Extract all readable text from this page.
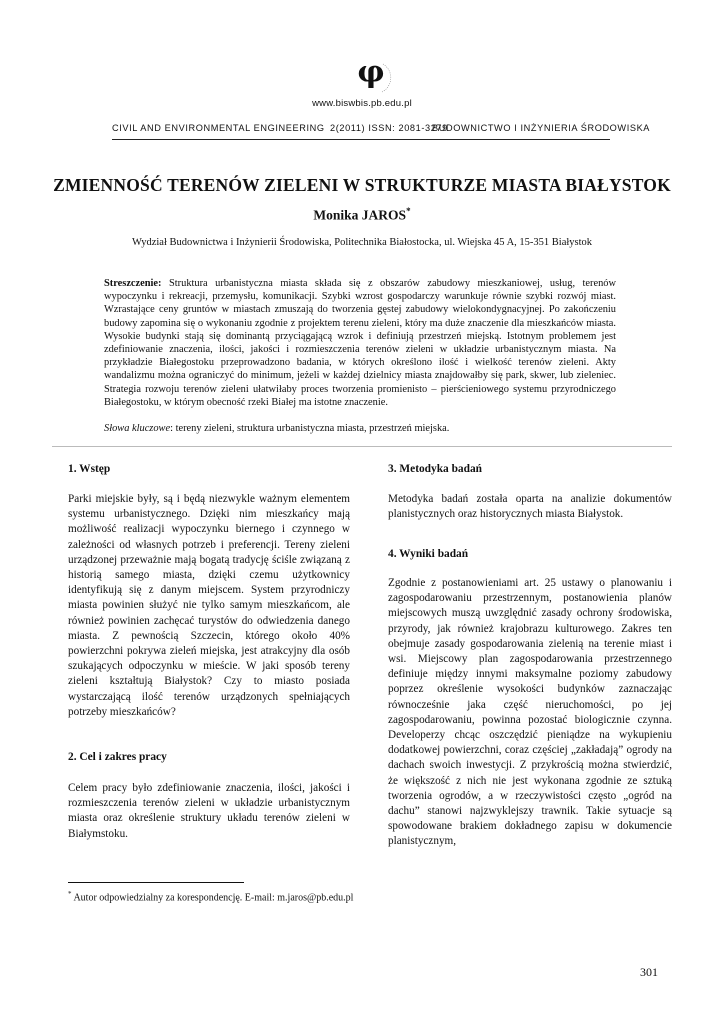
φ
www.biswbis.pb.edu.pl
CIVIL AND ENVIRONMENTAL ENGINEERING 2(2011) ISSN: 2081-3279
BUDOWNICTWO I INŻYNIERIA ŚRODOWISKA
ZMIENNOŚĆ TERENÓW ZIELENI W STRUKTURZE MIASTA BIAŁYSTOK
Monika JAROS*
Wydział Budownictwa i Inżynierii Środowiska, Politechnika Białostocka, ul. Wiejska 45 A, 15-351 Białystok
Streszczenie: Struktura urbanistyczna miasta składa się z obszarów zabudowy mieszkaniowej, usług, terenów wypoczynku i rekreacji, przemysłu, komunikacji. Szybki wzrost gospodarczy warunkuje równie szybki rozwój miast. Wzrastające ceny gruntów w miastach zmuszają do tworzenia gęstej zabudowy wielokondygnacyjnej. Po zakończeniu budowy zapomina się o wykonaniu zgodnie z projektem terenu zieleni, który ma duże znaczenie dla mieszkańców miasta. Wysokie budynki stają się dominantą przyciągającą wzrok i definiują przestrzeń miejską. Istotnym problemem jest zdefiniowanie znaczenia, ilości, jakości i rozmieszczenia terenów zieleni w układzie urbanistycznym miasta. Na przykładzie Białegostoku przeprowadzono badania, w których określono ilość i wielkość terenów zieleni. Akty wandalizmu można ograniczyć do minimum, jeżeli w każdej dzielnicy miasta znajdowałby się park, skwer, lub zieleniec. Strategia rozwoju terenów zieleni ułatwiłaby proces tworzenia promienisto – pierścieniowego systemu przyrodniczego Białegostoku, w którym obecność rzeki Białej ma istotne znaczenie.
Słowa kluczowe: tereny zieleni, struktura urbanistyczna miasta, przestrzeń miejska.
1. Wstęp
Parki miejskie były, są i będą niezwykle ważnym elementem systemu urbanistycznego. Dzięki nim mieszkańcy mają możliwość realizacji wypoczynku biernego i czynnego w zależności od własnych potrzeb i preferencji. Tereny zieleni urządzonej przeważnie mają bogatą tradycję ściśle związaną z historią samego miasta, dzięki czemu użytkownicy identyfikują się z danym miejscem. System przyrodniczy miasta powinien służyć nie tylko samym mieszkańcom, ale również powinien zachęcać turystów do odwiedzenia danego miasta. Z pewnością Szczecin, którego około 40% powierzchni pokrywa zieleń miejska, jest atrakcyjny dla osób szukających odpoczynku w mieście. W jaki sposób tereny zieleni kształtują Białystok? Czy to miasto posiada wystarczającą ilość terenów urządzonych spełniających potrzeby mieszkańców?
2. Cel i zakres pracy
Celem pracy było zdefiniowanie znaczenia, ilości, jakości i rozmieszczenia terenów zieleni w układzie urbanistycznym miasta oraz określenie struktury układu terenów zieleni w Białymstoku.
3. Metodyka badań
Metodyka badań została oparta na analizie dokumentów planistycznych oraz historycznych miasta Białystok.
4. Wyniki badań
Zgodnie z postanowieniami art. 25 ustawy o planowaniu i zagospodarowaniu przestrzennym, postanowienia planów miejscowych muszą uwzględnić zasady ochrony środowiska, przyrody, jak również krajobrazu kulturowego. Zakres ten obejmuje zasady gospodarowania zielenią na terenie miast i wsi. Miejscowy plan zagospodarowania przestrzennego definiuje między innymi maksymalne poziomy zabudowy poprzez określenie wysokości budynków zaznaczając równocześnie jaka część nieruchomości, po jej zagospodarowaniu, powinna pozostać biologicznie czynna. Developerzy chcąc oszczędzić pieniądze na wykupieniu dodatkowej powierzchni, coraz częściej „zakładają” ogrody na dachach swoich inwestycji. Z przykrością można stwierdzić, że większość z nich nie jest wykonana zgodnie ze sztuką tworzenia ogrodów, a w rzeczywistości często „ogród na dachu” stanowi najzwyklejszy trawnik. Takie sytuacje są spowodowane brakiem dokładnego zapisu w dokumencie planistycznym,
* Autor odpowiedzialny za korespondencję. E-mail: m.jaros@pb.edu.pl
301
